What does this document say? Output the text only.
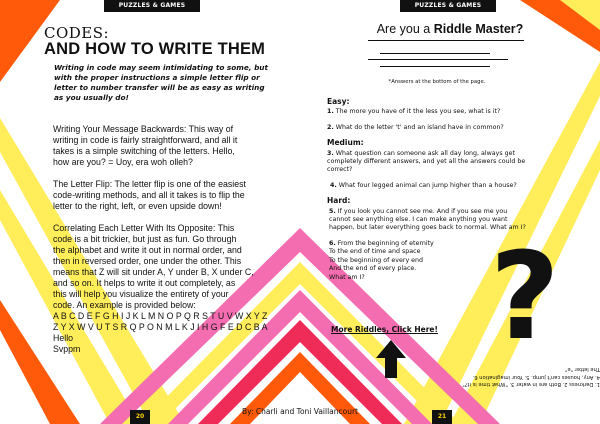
PUZZLES & GAMES	PUZZLES & GAMES
CODES:
AND HOW TO WRITE THEM
Writing in code may seem intimidating to some, but
with the proper instructions a simple letter flip or
letter to number transfer will be as easy as writing
as you usually do!
Writing Your Message Backwards: This way of
writing in code is fairly straightforward, and all it
takes is a simple switching of the letters. Hello,
how are you? = Uoy, era woh olleh?

The Letter Flip: The letter flip is one of the easiest
code-writing methods, and all it takes is to flip the
letter to the right, left, or even upside down!

Correlating Each Letter With Its Opposite: This
code is a bit trickier, but just as fun. Go through
the alphabet and write it out in normal order, and
then in reversed order, one under the other. This
means that Z will sit under A, Y under B, X under C,
and so on. It helps to write it out completely, as
this will help you visualize the entirety of your
code. An example is provided below:
A B C D E F G H I J K L M N O P Q R S T U V W X Y Z
Z Y X W V U T S R Q P O N M L K J I H G F E D C B A
Hello
Svppm
20
Are you a Riddle Master?
*Answers at the bottom of the page.
Easy:
1. The more you have of it the less you see, what is it?
2. What do the letter 't' and an island have in common?
Medium:
3. What question can someone ask all day long, always get
completely different answers, and yet all the answers could be
correct?
4. What four legged animal can jump higher than a house?
Hard:
5. If you look you cannot see me. And if you see me you
cannot see anything else. I can make anything you want
happen, but later everything goes back to normal. What am I?
6. From the beginning of eternity
To the end of time and space
To the beginning of every end
And the end of every place.
What am I?
More Riddles, Click Here! ?
1. Darkness 2. Both are in water 3. "What time is it?"
4. Any, houses can't jump. 5. Your imagination 6.
The letter "e"
21
By: Charli and Toni Vaillancourt
